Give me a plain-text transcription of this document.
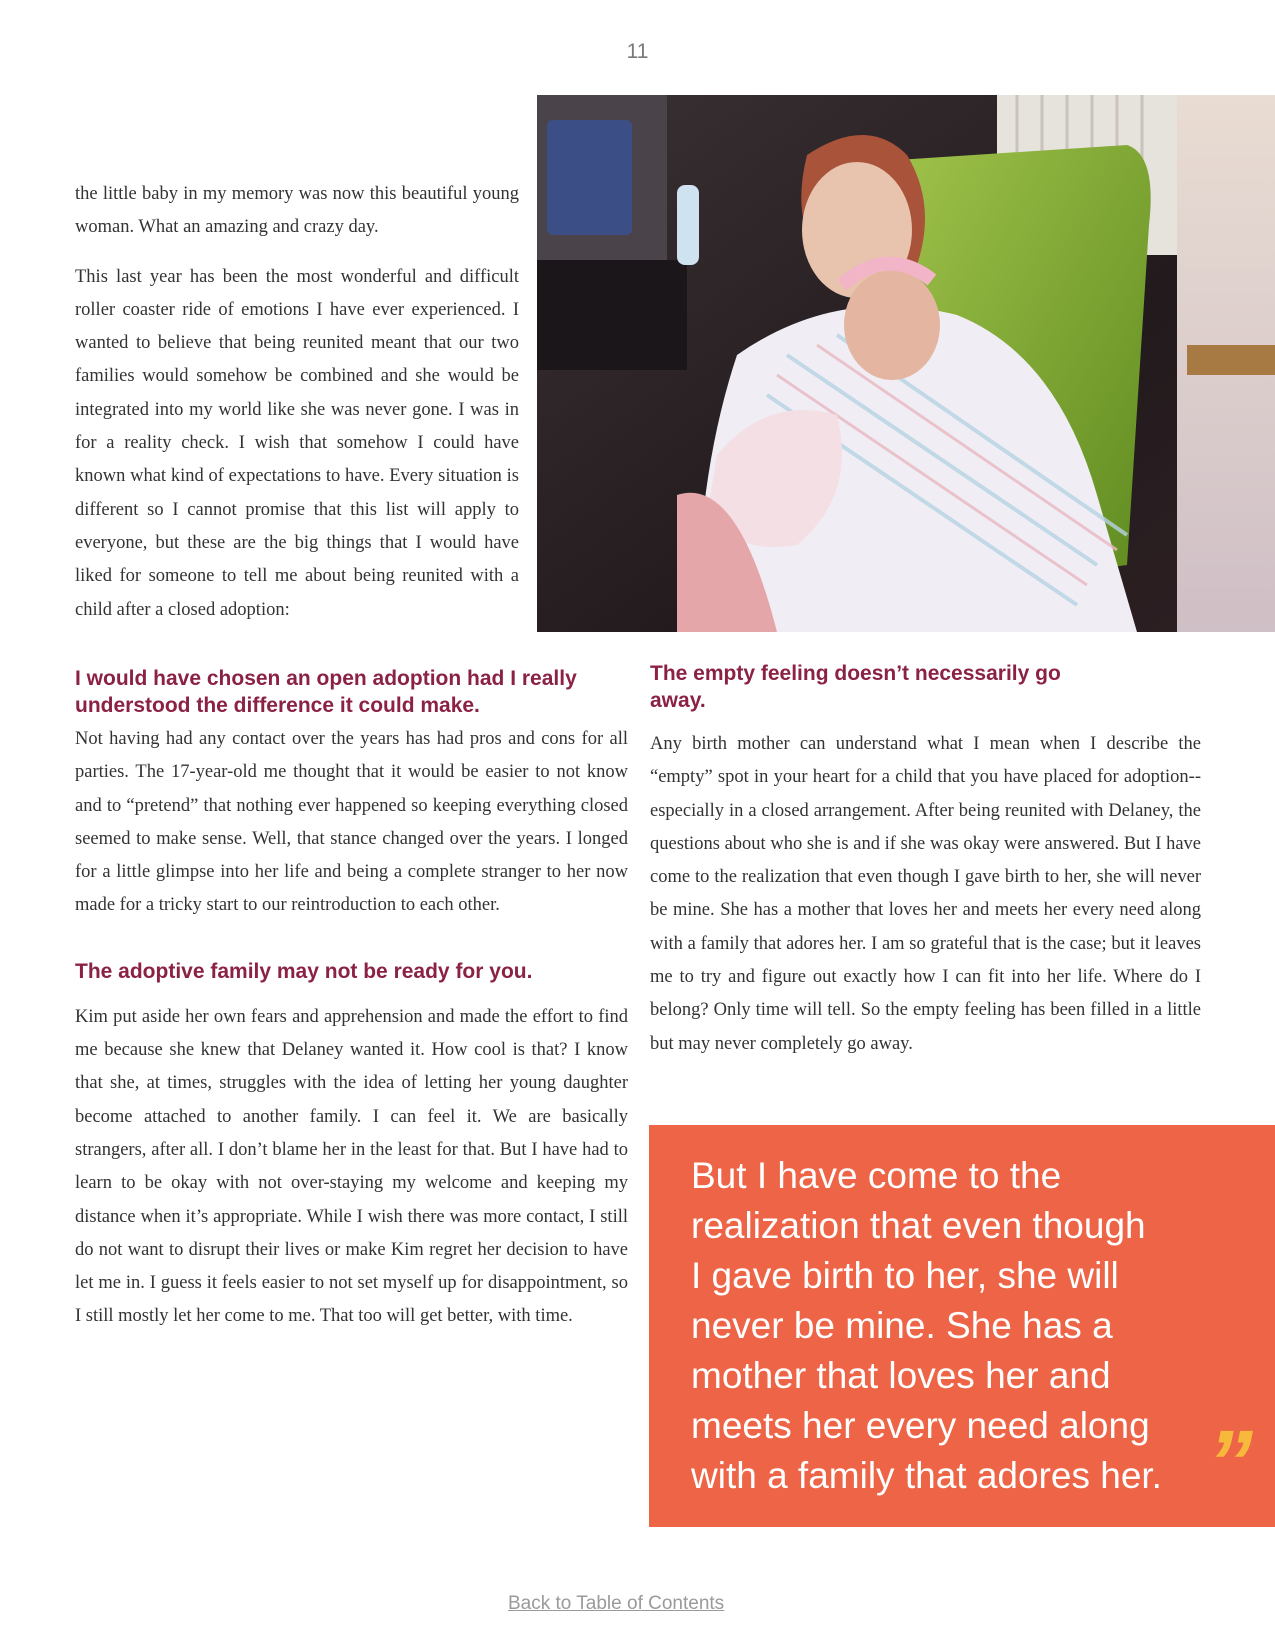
11

the little baby in my memory was now this beautiful young woman. What an amazing and crazy day.

This last year has been the most wonderful and difficult roller coaster ride of emotions I have ever experienced. I wanted to believe that being reunited meant that our two families would somehow be combined and she would be integrated into my world like she was never gone. I was in for a reality check. I wish that somehow I could have known what kind of expectations to have. Every situation is different so I cannot promise that this list will apply to everyone, but these are the big things that I would have liked for someone to tell me about being reunited with a child after a closed adoption:

I would have chosen an open adoption had I really
understood the difference it could make.

Not having had any contact over the years has had pros and cons for all parties. The 17-year-old me thought that it would be easier to not know and to “pretend” that nothing ever happened so keeping everything closed seemed to make sense. Well, that stance changed over the years. I longed for a little glimpse into her life and being a complete stranger to her now made for a tricky start to our reintroduction to each other.

The adoptive family may not be ready for you.

Kim put aside her own fears and apprehension and made the effort to find me because she knew that Delaney wanted it. How cool is that? I know that she, at times, struggles with the idea of letting her young daughter become attached to another family. I can feel it. We are basically strangers, after all. I don’t blame her in the least for that. But I have had to learn to be okay with not over-staying my welcome and keeping my distance when it’s appropriate. While I wish there was more contact, I still do not want to disrupt their lives or make Kim regret her decision to have let me in. I guess it feels easier to not set myself up for disappointment, so I still mostly let her come to me. That too will get better, with time.

The empty feeling doesn’t necessarily go
away.

Any birth mother can understand what I mean when I describe the “empty” spot in your heart for a child that you have placed for adoption-- especially in a closed arrangement. After being reunited with Delaney, the questions about who she is and if she was okay were answered. But I have come to the realization that even though I gave birth to her, she will never be mine. She has a mother that loves her and meets her every need along with a family that adores her. I am so grateful that is the case; but it leaves me to try and figure out exactly how I can fit into her life. Where do I belong? Only time will tell. So the empty feeling has been filled in a little but may never completely go away.

But I have come to the
realization that even though
I gave birth to her, she will
never be mine. She has a
mother that loves her and
meets her every need along
with a family that adores her. ”
Back to Table of Contents
